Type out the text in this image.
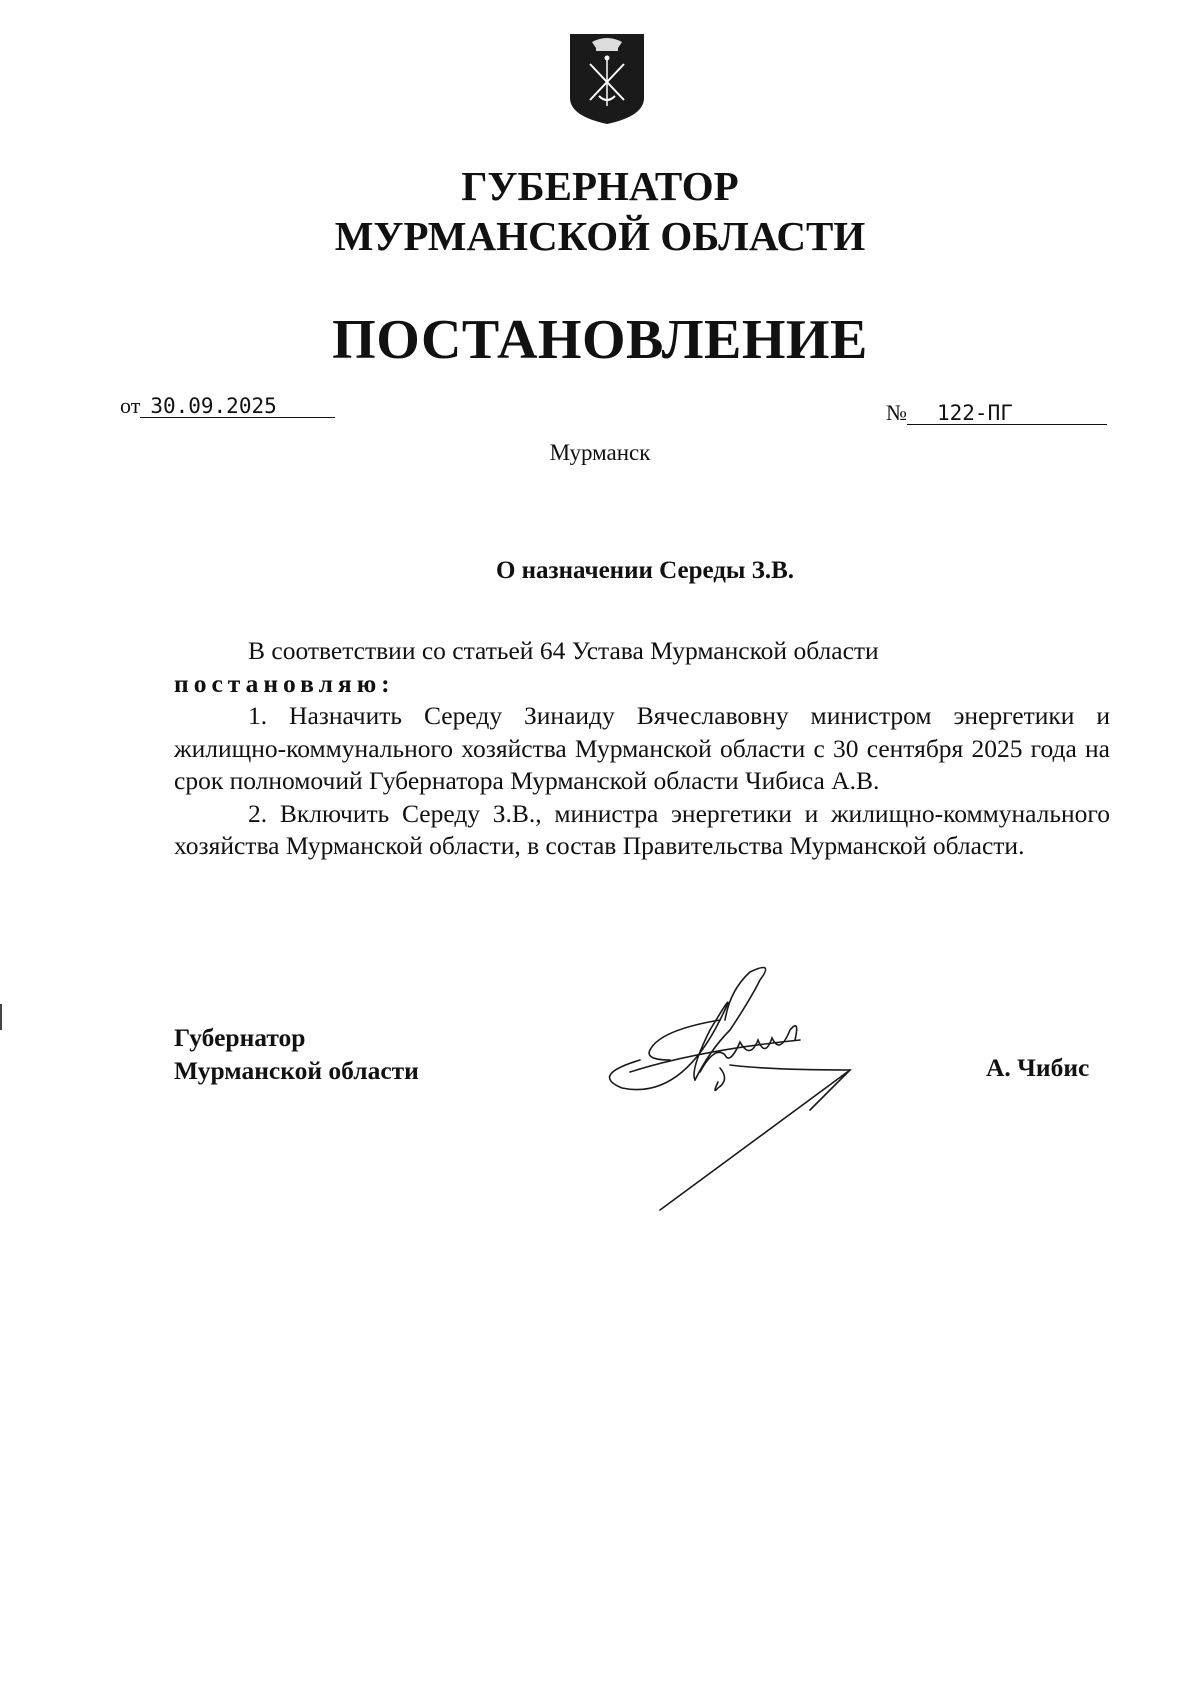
ГУБЕРНАТОР
МУРМАНСКОЙ ОБЛАСТИ
ПОСТАНОВЛЕНИЕ
от 30.09.2025	№ 122-ПГ
Мурманск
О назначении Середы З.В.

В соответствии со статьей 64 Устава Мурманской области

постановляю:

1. Назначить Середу Зинаиду Вячеславовну министром энергетики и жилищно-коммунального хозяйства Мурманской области с 30 сентября 2025 года на срок полномочий Губернатора Мурманской области Чибиса А.В.

2. Включить Середу З.В., министра энергетики и жилищно-коммунального хозяйства Мурманской области, в состав Правительства Мурманской области.

Губернатор
Мурманской области	А. Чибис
